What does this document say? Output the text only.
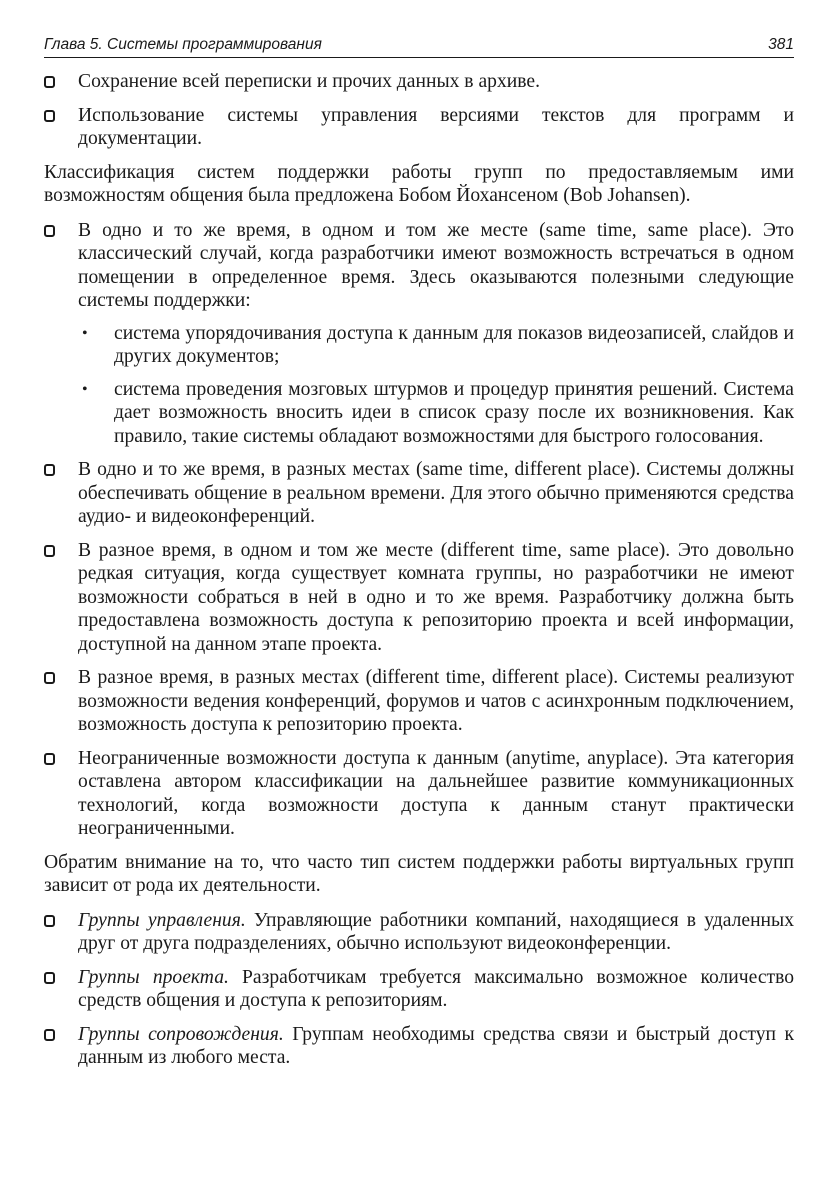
Глава 5. Системы программирования	381

Сохранение всей переписки и прочих данных в архиве.

Использование системы управления версиями текстов для программ и документации.

Классификация систем поддержки работы групп по предоставляемым ими возможностям общения была предложена Бобом Йохансеном (Bob Johansen).

В одно и то же время, в одном и том же месте (same time, same place). Это классический случай, когда разработчики имеют возможность встречаться в одном помещении в определенное время. Здесь оказываются полезными следующие системы поддержки:

•	система упорядочивания доступа к данным для показов видеозаписей, слайдов и других документов;

•	система проведения мозговых штурмов и процедур принятия решений. Система дает возможность вносить идеи в список сразу после их возникновения. Как правило, такие системы обладают возможностями для быстрого голосования.

В одно и то же время, в разных местах (same time, different place). Системы должны обеспечивать общение в реальном времени. Для этого обычно применяются средства аудио- и видеоконференций.

В разное время, в одном и том же месте (different time, same place). Это довольно редкая ситуация, когда существует комната группы, но разработчики не имеют возможности собраться в ней в одно и то же время. Разработчику должна быть предоставлена возможность доступа к репозиторию проекта и всей информации, доступной на данном этапе проекта.

В разное время, в разных местах (different time, different place). Системы реализуют возможности ведения конференций, форумов и чатов с асинхронным подключением, возможность доступа к репозиторию проекта.

Неограниченные возможности доступа к данным (anytime, anyplace). Эта категория оставлена автором классификации на дальнейшее развитие коммуникационных технологий, когда возможности доступа к данным станут практически неограниченными.

Обратим внимание на то, что часто тип систем поддержки работы виртуальных групп зависит от рода их деятельности.

Группы управления. Управляющие работники компаний, находящиеся в удаленных друг от друга подразделениях, обычно используют видеоконференции.

Группы проекта. Разработчикам требуется максимально возможное количество средств общения и доступа к репозиториям.

Группы сопровождения. Группам необходимы средства связи и быстрый доступ к данным из любого места.
